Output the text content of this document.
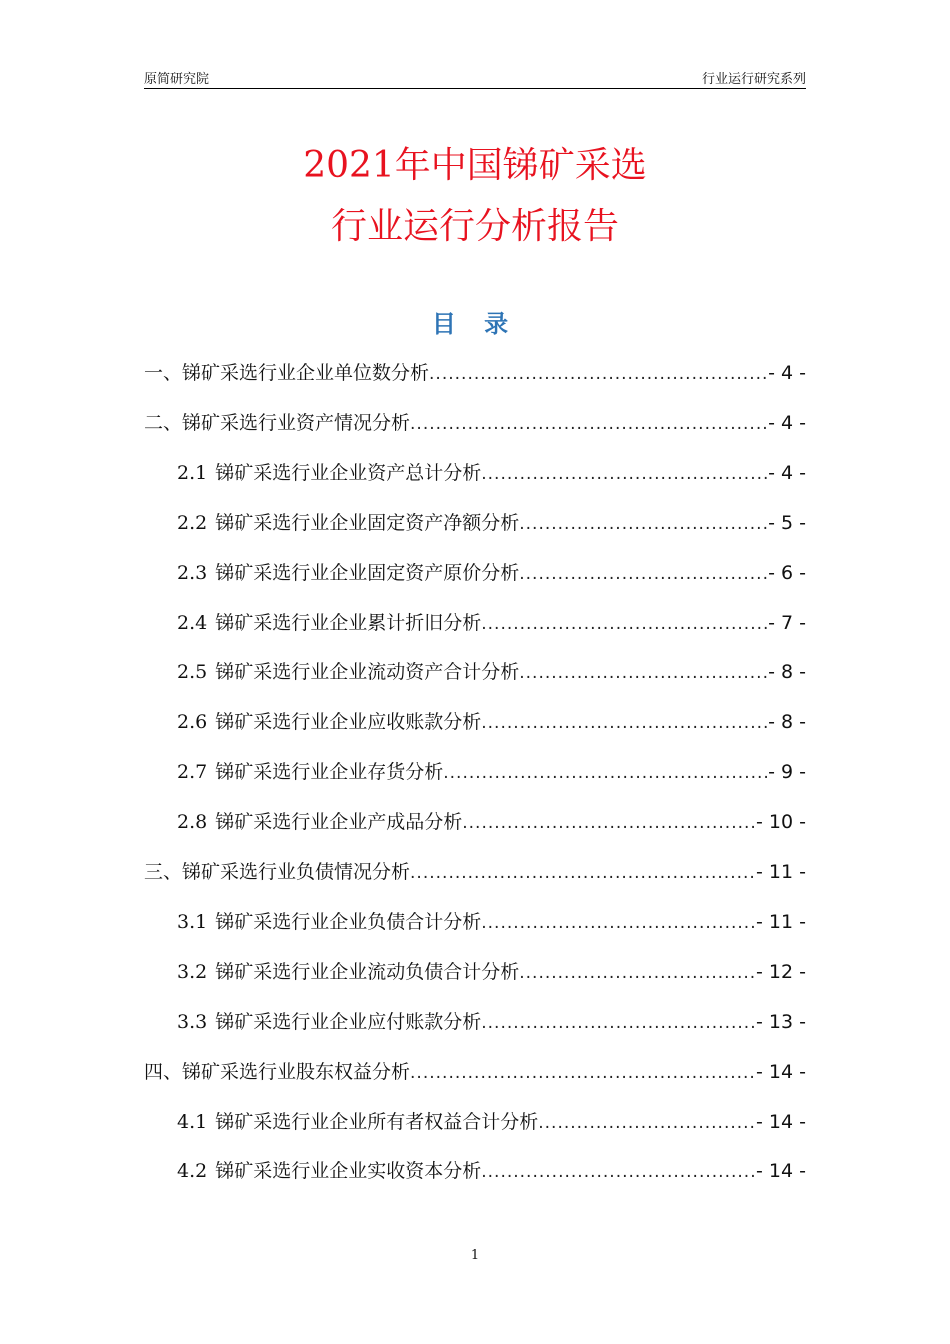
原简研究院	行业运行研究系列
2021年中国锑矿采选
行业运行分析报告
目 录
一、锑矿采选行业企业单位数分析 .....	- 4 -
二、锑矿采选行业资产情况分析 .....	- 4 -
2.1 锑矿采选行业企业资产总计分析 .....	- 4 -
2.2 锑矿采选行业企业固定资产净额分析 .....	- 5 -
2.3 锑矿采选行业企业固定资产原价分析 .....	- 6 -
2.4 锑矿采选行业企业累计折旧分析 .....	- 7 -
2.5 锑矿采选行业企业流动资产合计分析 .....	- 8 -
2.6 锑矿采选行业企业应收账款分析 .....	- 8 -
2.7 锑矿采选行业企业存货分析 .....	- 9 -
2.8 锑矿采选行业企业产成品分析 .....	- 10 -
三、锑矿采选行业负债情况分析 .....	- 11 -
3.1 锑矿采选行业企业负债合计分析 .....	- 11 -
3.2 锑矿采选行业企业流动负债合计分析 .....	- 12 -
3.3 锑矿采选行业企业应付账款分析 .....	- 13 -
四、锑矿采选行业股东权益分析 .....	- 14 -
4.1 锑矿采选行业企业所有者权益合计分析 .....	- 14 -
4.2 锑矿采选行业企业实收资本分析 .....	- 14 -
1
